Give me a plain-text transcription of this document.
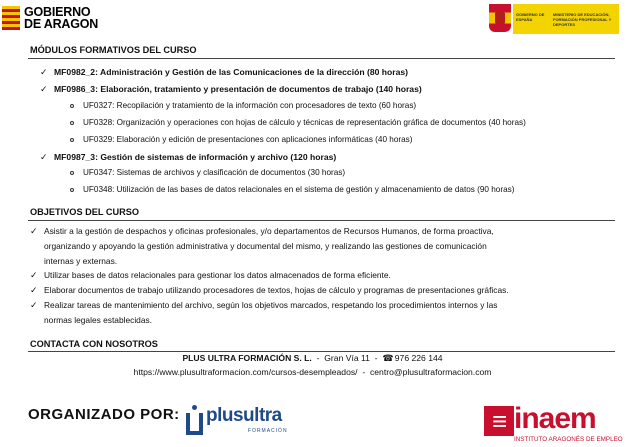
GOBIERNO
DE ARAGON
GOBIERNO DE ESPAÑA
MINISTERIO DE EDUCACIÓN, FORMACIÓN PROFESIONAL Y DEPORTES
MÓDULOS FORMATIVOS DEL CURSO
✓ MF0982_2: Administración y Gestión de las Comunicaciones de la dirección (80 horas)
✓ MF0986_3: Elaboración, tratamiento y presentación de documentos de trabajo (140 horas)
UF0327: Recopilación y tratamiento de la información con procesadores de texto (60 horas)
UF0328: Organización y operaciones con hojas de cálculo y técnicas de representación gráfica de documentos (40 horas)
UF0329: Elaboración y edición de presentaciones con aplicaciones informáticas (40 horas)
✓ MF0987_3: Gestión de sistemas de información y archivo (120 horas)
UF0347: Sistemas de archivos y clasificación de documentos (30 horas)
UF0348: Utilización de las bases de datos relacionales en el sistema de gestión y almacenamiento de datos (90 horas)
OBJETIVOS DEL CURSO
✓ Asistir a la gestión de despachos y oficinas profesionales, y/o departamentos de Recursos Humanos, de forma proactiva,
organizando y apoyando la gestión administrativa y documental del mismo, y realizando las gestiones de comunicación
internas y externas.
✓ Utilizar bases de datos relacionales para gestionar los datos almacenados de forma eficiente.
✓ Elaborar documentos de trabajo utilizando procesadores de textos, hojas de cálculo y programas de presentaciones gráficas.
✓ Realizar tareas de mantenimiento del archivo, según los objetivos marcados, respetando los procedimientos internos y las
normas legales establecidas.
CONTACTA CON NOSOTROS
PLUS ULTRA FORMACIÓN S. L.  -  Gran Vía 11  -  ☎ 976 226 144
https://www.plusultraformacion.com/cursos-desempleados/  -  centro@plusultraformacion.com
ORGANIZADO POR: plusultra
FORMACIÓN	≡ inaem
INSTITUTO ARAGONÉS DE EMPLEO
